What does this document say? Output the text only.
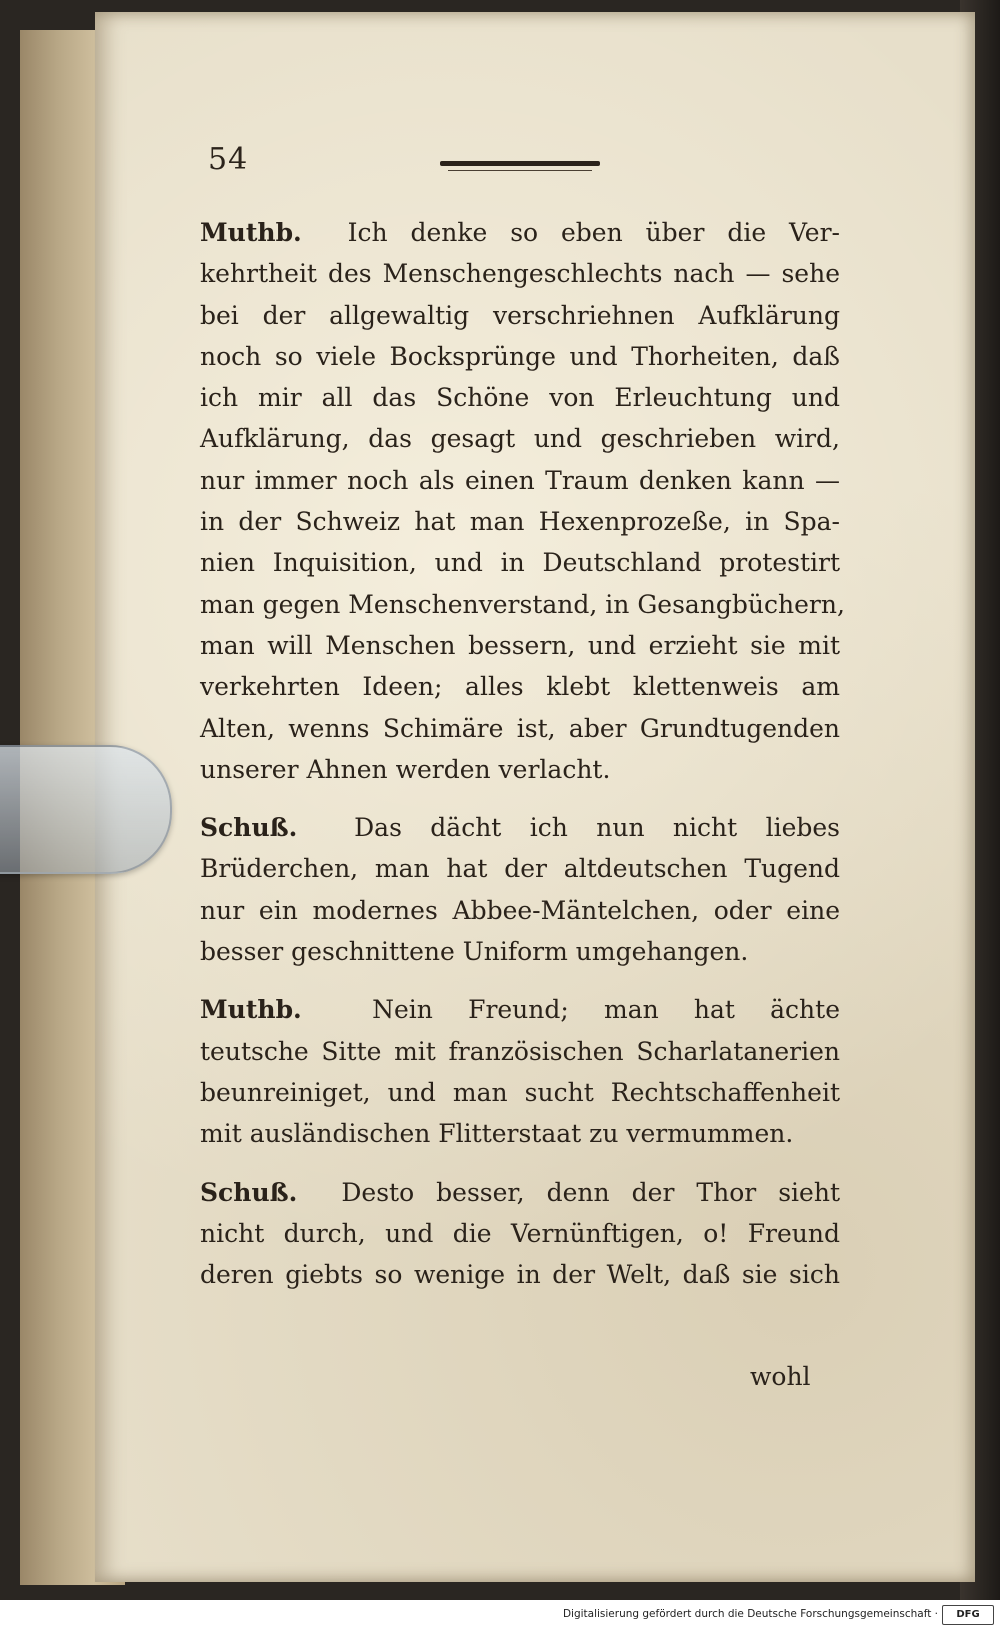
54
Muthb. Ich denke so eben über die Ver-
kehrtheit des Menschengeschlechts nach — sehe
bei der allgewaltig verschriehnen Aufklärung
noch so viele Bocksprünge und Thorheiten, daß
ich mir all das Schöne von Erleuchtung und
Aufklärung, das gesagt und geschrieben wird,
nur immer noch als einen Traum denken kann —
in der Schweiz hat man Hexenprozeße, in Spa-
nien Inquisition, und in Deutschland protestirt
man gegen Menschenverstand, in Gesangbüchern,
man will Menschen bessern, und erzieht sie mit
verkehrten Ideen; alles klebt klettenweis am
Alten, wenns Schimäre ist, aber Grundtugenden
unserer Ahnen werden verlacht.
Schuß. Das dächt ich nun nicht liebes
Brüderchen, man hat der altdeutschen Tugend
nur ein modernes Abbee-Mäntelchen, oder eine
besser geschnittene Uniform umgehangen.
Muthb.	Nein Freund; man hat ächte
teutsche Sitte mit französischen Scharlatanerien
beunreiniget, und man sucht Rechtschaffenheit
mit ausländischen Flitterstaat zu vermummen.
Schuß. Desto besser, denn der Thor sieht
nicht durch, und die Vernünftigen, o! Freund
deren giebts so wenige in der Welt, daß sie sich
wohl
Digitalisierung gefördert durch die Deutsche Forschungsgemeinschaft ·	DFG
